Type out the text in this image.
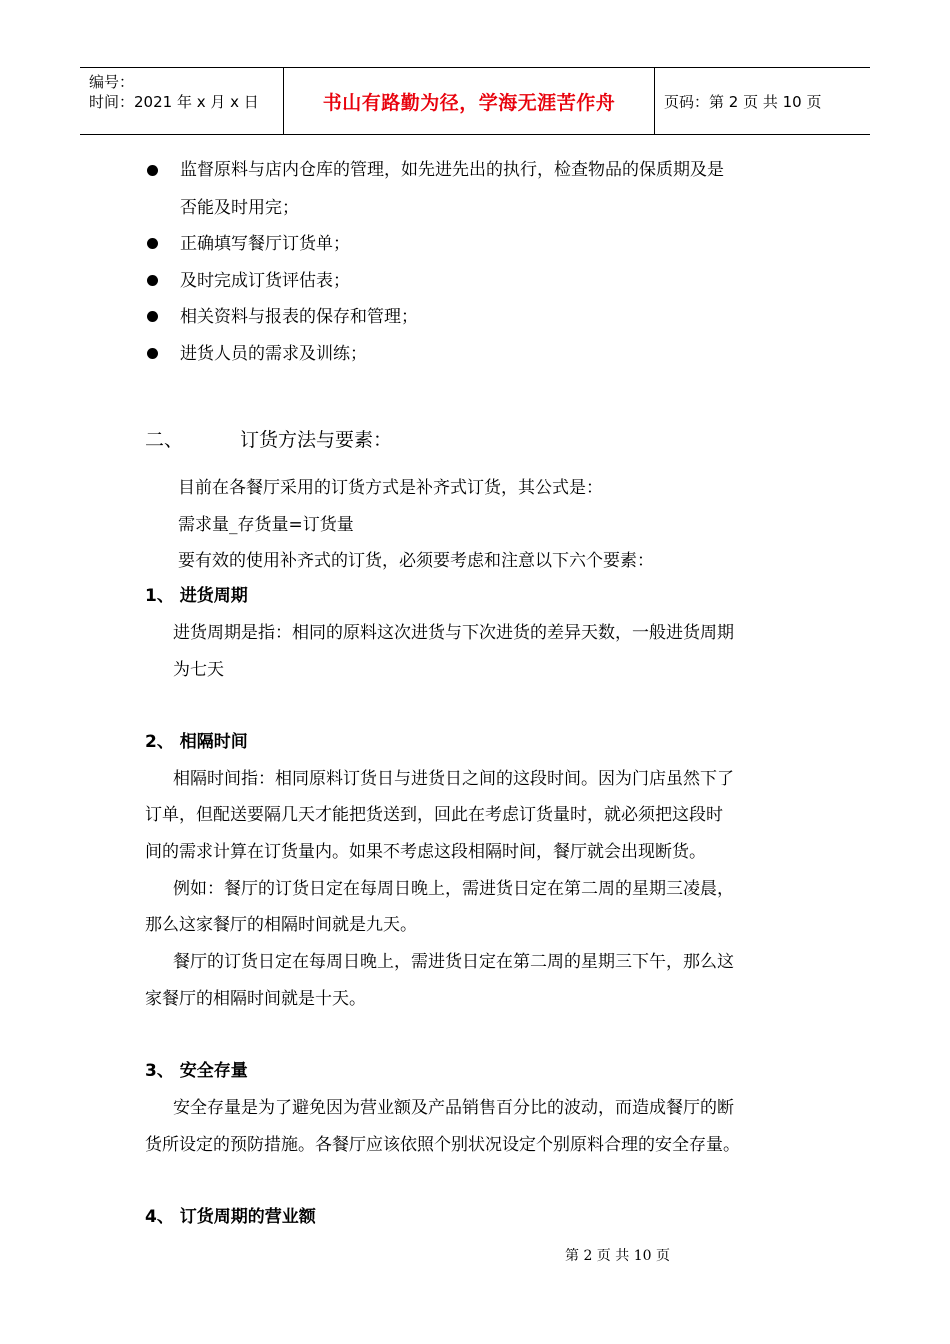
编号：
时间：2021 年 x 月 x 日	书山有路勤为径，学海无涯苦作舟	页码：第 2 页 共 10 页
监督原料与店内仓库的管理，如先进先出的执行，检查物品的保质期及是
否能及时用完；
正确填写餐厅订货单；
及时完成订货评估表；
相关资料与报表的保存和管理；
进货人员的需求及训练；
二、	订货方法与要素：
目前在各餐厅采用的订货方式是补齐式订货，其公式是：
需求量_存货量=订货量
要有效的使用补齐式的订货，必须要考虑和注意以下六个要素：
1、 进货周期
进货周期是指：相同的原料这次进货与下次进货的差异天数，一般进货周期
为七天
2、 相隔时间
相隔时间指：相同原料订货日与进货日之间的这段时间。因为门店虽然下了
订单，但配送要隔几天才能把货送到，回此在考虑订货量时，就必须把这段时
间的需求计算在订货量内。如果不考虑这段相隔时间，餐厅就会出现断货。
例如：餐厅的订货日定在每周日晚上，需进货日定在第二周的星期三凌晨，
那么这家餐厅的相隔时间就是九天。
餐厅的订货日定在每周日晚上，需进货日定在第二周的星期三下午，那么这
家餐厅的相隔时间就是十天。
3、 安全存量
安全存量是为了避免因为营业额及产品销售百分比的波动，而造成餐厅的断
货所设定的预防措施。各餐厅应该依照个别状况设定个别原料合理的安全存量。
4、 订货周期的营业额
第 2 页 共 10 页
